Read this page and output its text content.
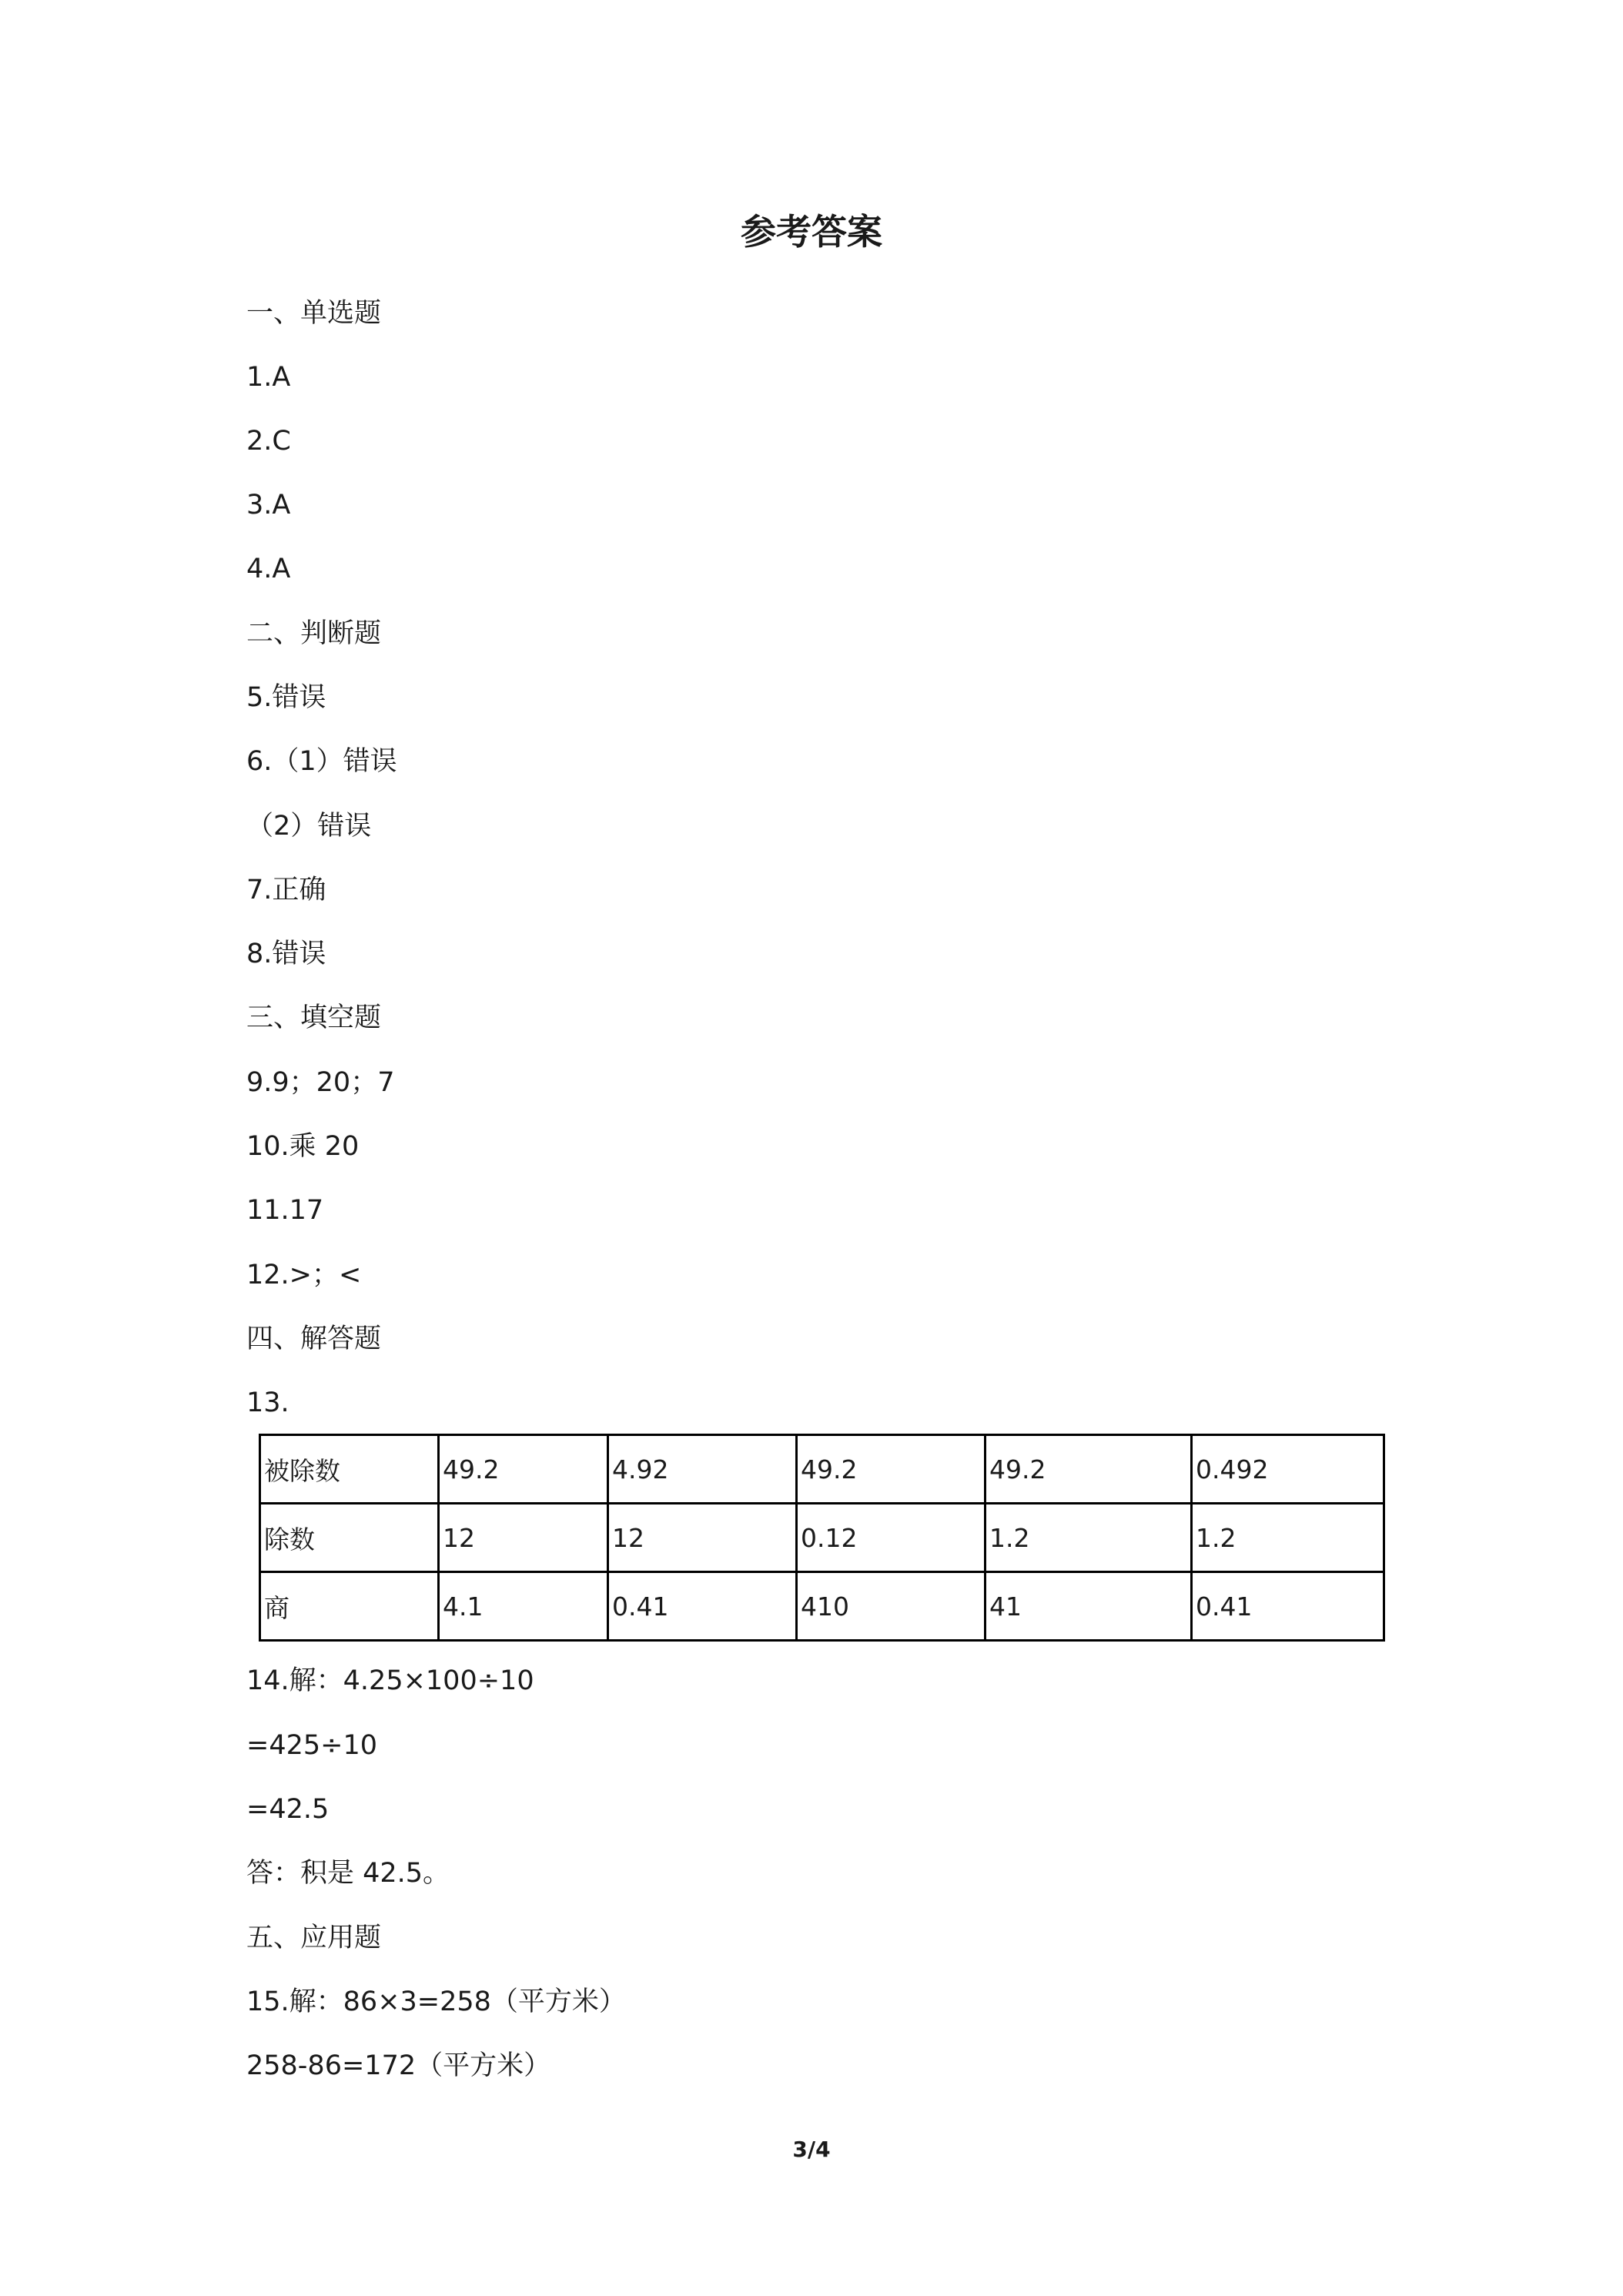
参考答案
一、单选题
1.A
2.C
3.A
4.A
二、判断题
5.错误
6.（1）错误
（2）错误
7.正确
8.错误
三、填空题
9.9；20；7
10.乘 20
11.17
12.>；<
四、解答题
13.
被除数	49.2	4.92	49.2	49.2	0.492
除数	12	12	0.12	1.2	1.2
商	4.1	0.41	410	41	0.41
14.解：4.25×100÷10
=425÷10
=42.5
答：积是 42.5。
五、应用题
15.解：86×3=258（平方米）
258-86=172（平方米）
3/4
